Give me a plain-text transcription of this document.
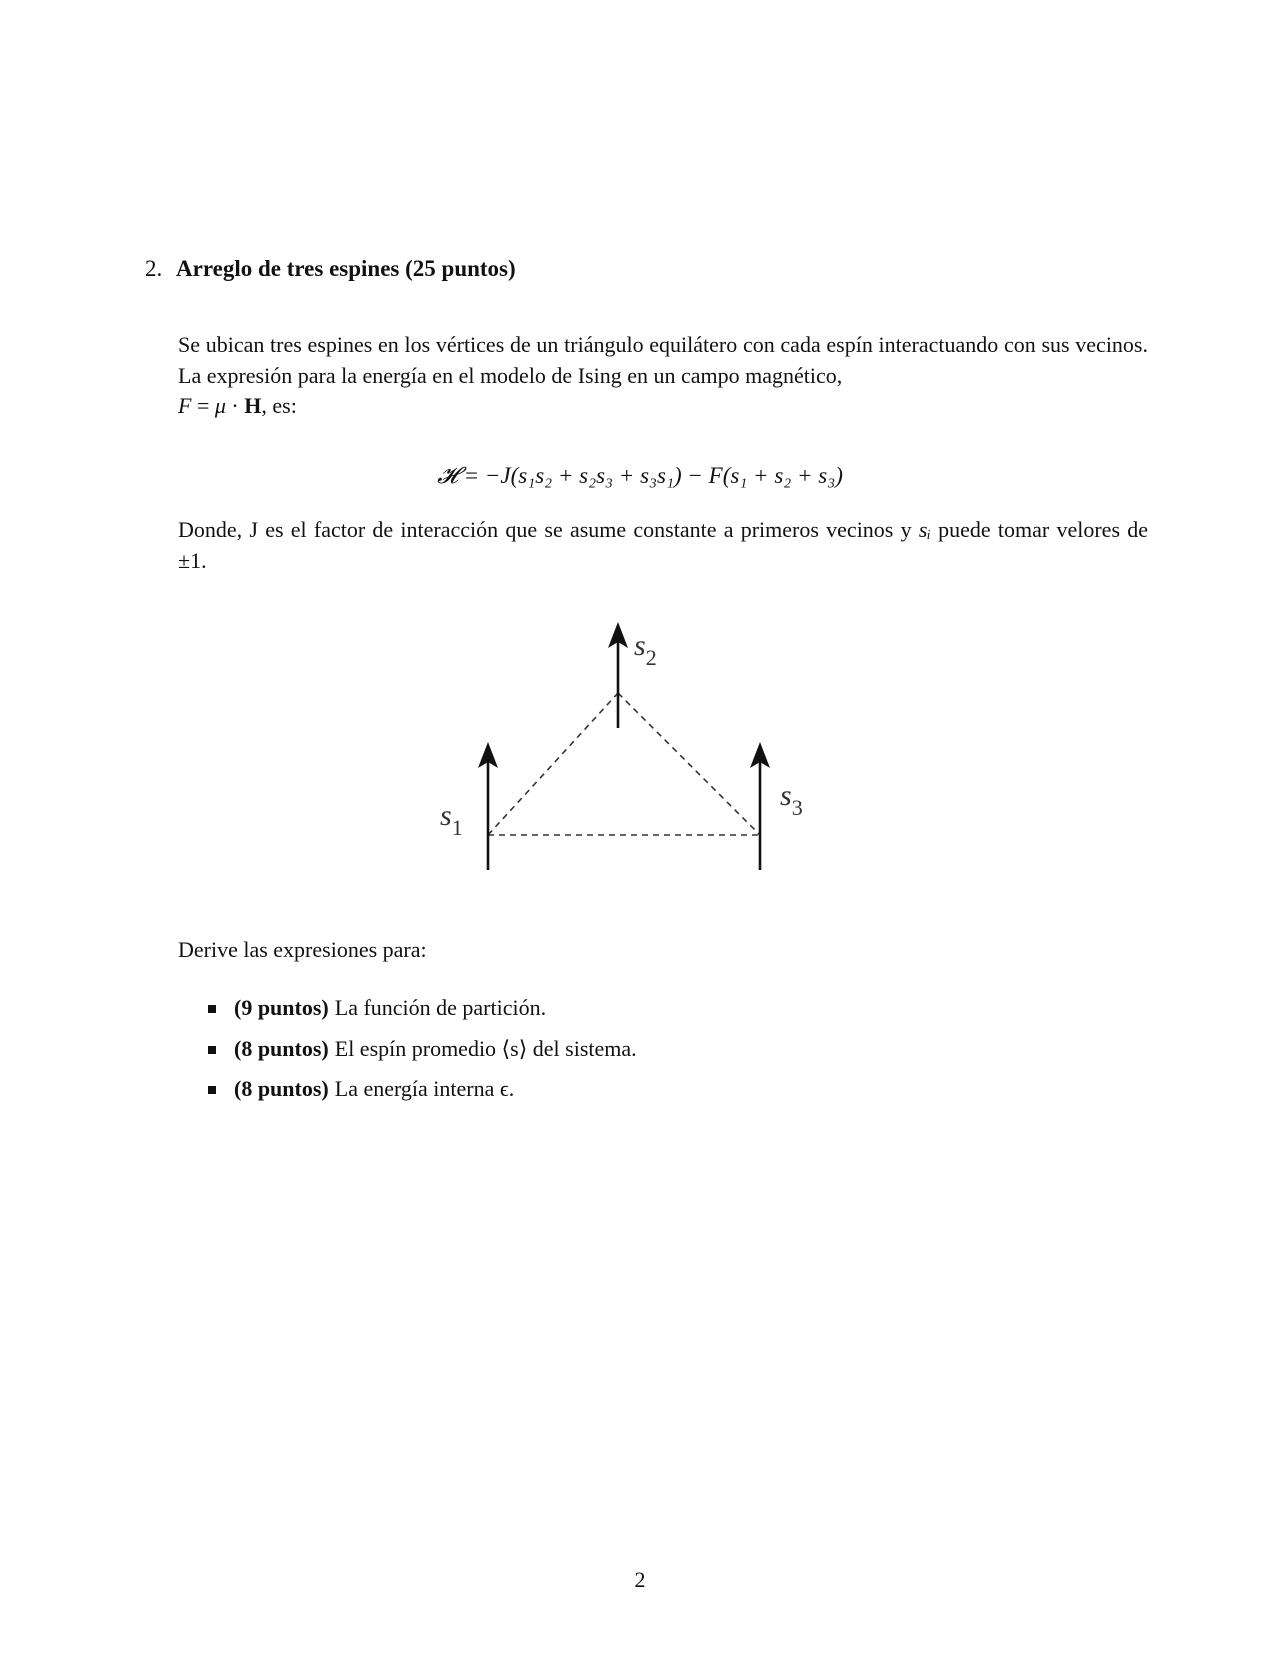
2. Arreglo de tres espines (25 puntos)
Se ubican tres espines en los vértices de un triángulo equilátero con cada espín interactuando con sus vecinos. La expresión para la energía en el modelo de Ising en un campo magnético,
F = μ · H, es:
𝓗 = −J(s₁s₂ + s₂s₃ + s₃s₁) − F(s₁ + s₂ + s₃)
Donde, J es el factor de interacción que se asume constante a primeros vecinos y sᵢ puede tomar velores de ±1.
$s_2$
$s_1$
$s_3$
Derive las expresiones para:
(9 puntos) La función de partición.
(8 puntos) El espín promedio ⟨s⟩ del sistema.
(8 puntos) La energía interna ϵ.
2
